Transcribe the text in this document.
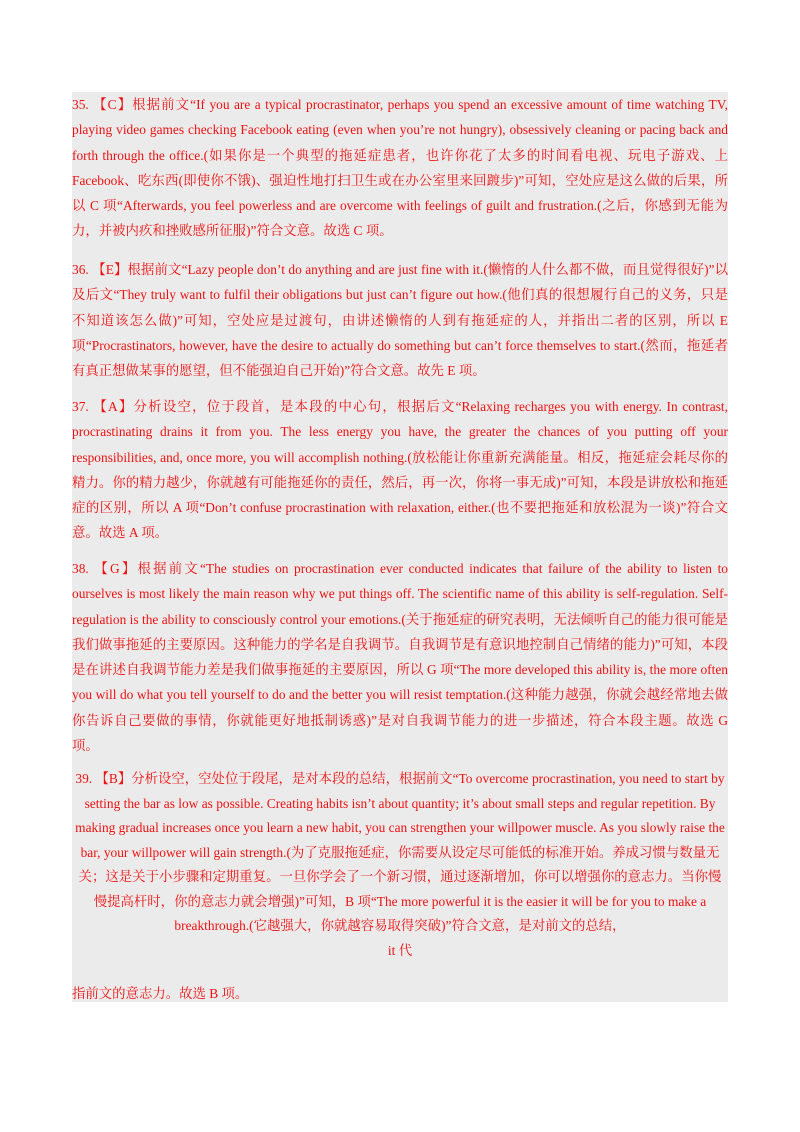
35. 【C】根据前文“If you are a typical procrastinator, perhaps you spend an excessive amount of time watching TV, playing video games checking Facebook eating (even when you’re not hungry), obsessively cleaning or pacing back and forth through the office.(如果你是一个典型的拖延症患者，也许你花了太多的时间看电视、玩电子游戏、上 Facebook、吃东西(即使你不饿)、强迫性地打扫卫生或在办公室里来回踱步)”可知，空处应是这么做的后果，所以 C 项“Afterwards, you feel powerless and are overcome with feelings of guilt and frustration.(之后，你感到无能为力，并被内疚和挫败感所征服)”符合文意。故选 C 项。

36. 【E】根据前文“Lazy people don’t do anything and are just fine with it.(懒惰的人什么都不做，而且觉得很好)”以及后文“They truly want to fulfil their obligations but just can’t figure out how.(他们真的很想履行自己的义务，只是不知道该怎么做)”可知，空处应是过渡句，由讲述懒惰的人到有拖延症的人，并指出二者的区别，所以 E 项“Procrastinators, however, have the desire to actually do something but can’t force themselves to start.(然而，拖延者有真正想做某事的愿望，但不能强迫自己开始)”符合文意。故先 E 项。

37. 【A】分析设空，位于段首，是本段的中心句，根据后文“Relaxing recharges you with energy. In contrast, procrastinating drains it from you. The less energy you have, the greater the chances of you putting off your responsibilities, and, once more, you will accomplish nothing.(放松能让你重新充满能量。相反，拖延症会耗尽你的精力。你的精力越少，你就越有可能拖延你的责任，然后，再一次，你将一事无成)”可知，本段是讲放松和拖延症的区别，所以 A 项“Don’t confuse procrastination with relaxation, either.(也不要把拖延和放松混为一谈)”符合文意。故选 A 项。

38. 【G】根据前文“The studies on procrastination ever conducted indicates that failure of the ability to listen to ourselves is most likely the main reason why we put things off. The scientific name of this ability is self-regulation. Self-regulation is the ability to consciously control your emotions.(关于拖延症的研究表明，无法倾听自己的能力很可能是我们做事拖延的主要原因。这种能力的学名是自我调节。自我调节是有意识地控制自己情绪的能力)”可知，本段是在讲述自我调节能力差是我们做事拖延的主要原因，所以 G 项“The more developed this ability is, the more often you will do what you tell yourself to do and the better you will resist temptation.(这种能力越强，你就会越经常地去做你告诉自己要做的事情，你就能更好地抵制诱惑)”是对自我调节能力的进一步描述，符合本段主题。故选 G 项。

39. 【B】分析设空，空处位于段尾，是对本段的总结，根据前文“To overcome procrastination, you need to start by setting the bar as low as possible. Creating habits isn’t about quantity; it’s about small steps and regular repetition. By making gradual increases once you learn a new habit, you can strengthen your willpower muscle. As you slowly raise the bar, your willpower will gain strength.(为了克服拖延症，你需要从设定尽可能低的标准开始。养成习惯与数量无关；这是关于小步骤和定期重复。一旦你学会了一个新习惯，通过逐渐增加，你可以增强你的意志力。当你慢慢提高杆时，你的意志力就会增强)”可知，B 项“The more powerful it is the easier it will be for you to make a breakthrough.(它越强大，你就越容易取得突破)”符合文意，是对前文的总结，
it 代

指前文的意志力。故选 B 项。
